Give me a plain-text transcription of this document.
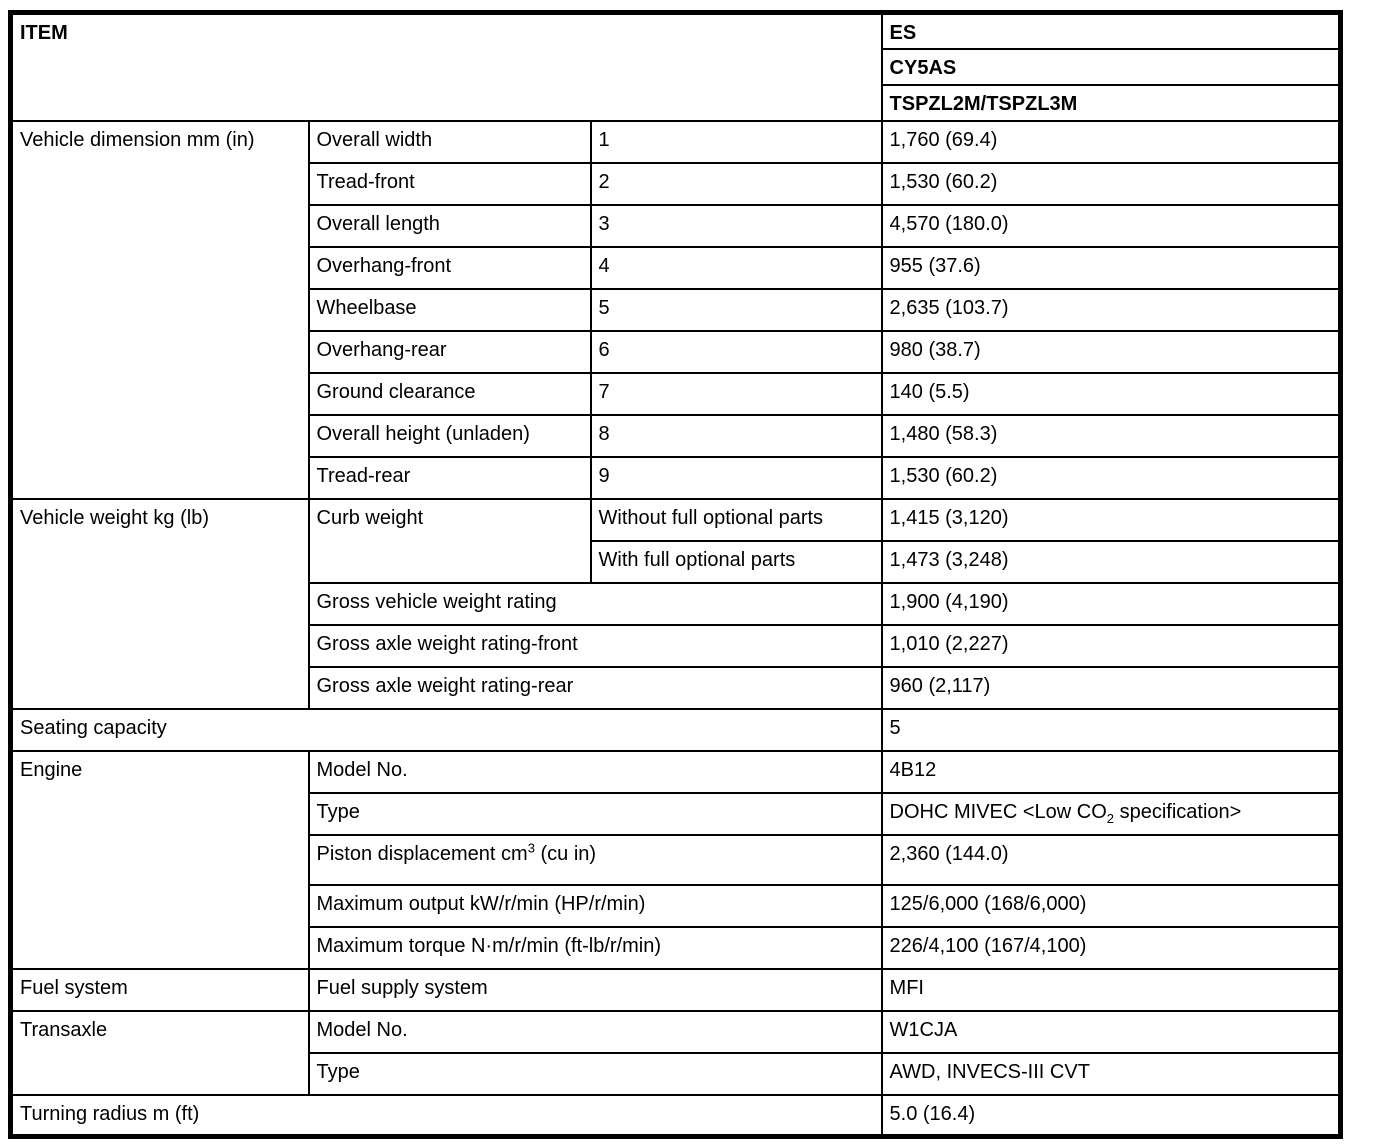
ITEM			ES
			CY5AS
			TSPZL2M/TSPZL3M
Vehicle dimension mm (in)	Overall width	1	1,760 (69.4)
	Tread-front	2	1,530 (60.2)
	Overall length	3	4,570 (180.0)
	Overhang-front	4	955 (37.6)
	Wheelbase	5	2,635 (103.7)
	Overhang-rear	6	980 (38.7)
	Ground clearance	7	140 (5.5)
	Overall height (unladen)	8	1,480 (58.3)
	Tread-rear	9	1,530 (60.2)
Vehicle weight kg (lb)	Curb weight	Without full optional parts	1,415 (3,120)
		With full optional parts	1,473 (3,248)
	Gross vehicle weight rating		1,900 (4,190)
	Gross axle weight rating-front		1,010 (2,227)
	Gross axle weight rating-rear		960 (2,117)
Seating capacity			5
Engine	Model No.		4B12
	Type		DOHC MIVEC <Low $CO_2$ specification>
	Piston displacement $cm^3$ (cu in)		2,360 (144.0)
	Maximum output kW/r/min (HP/r/min)		125/6,000 (168/6,000)
	Maximum torque N·m/r/min (ft-lb/r/min)		226/4,100 (167/4,100)
Fuel system	Fuel supply system		MFI
Transaxle	Model No.		W1CJA
	Type		AWD, INVECS-III CVT
Turning radius m (ft)			5.0 (16.4)
